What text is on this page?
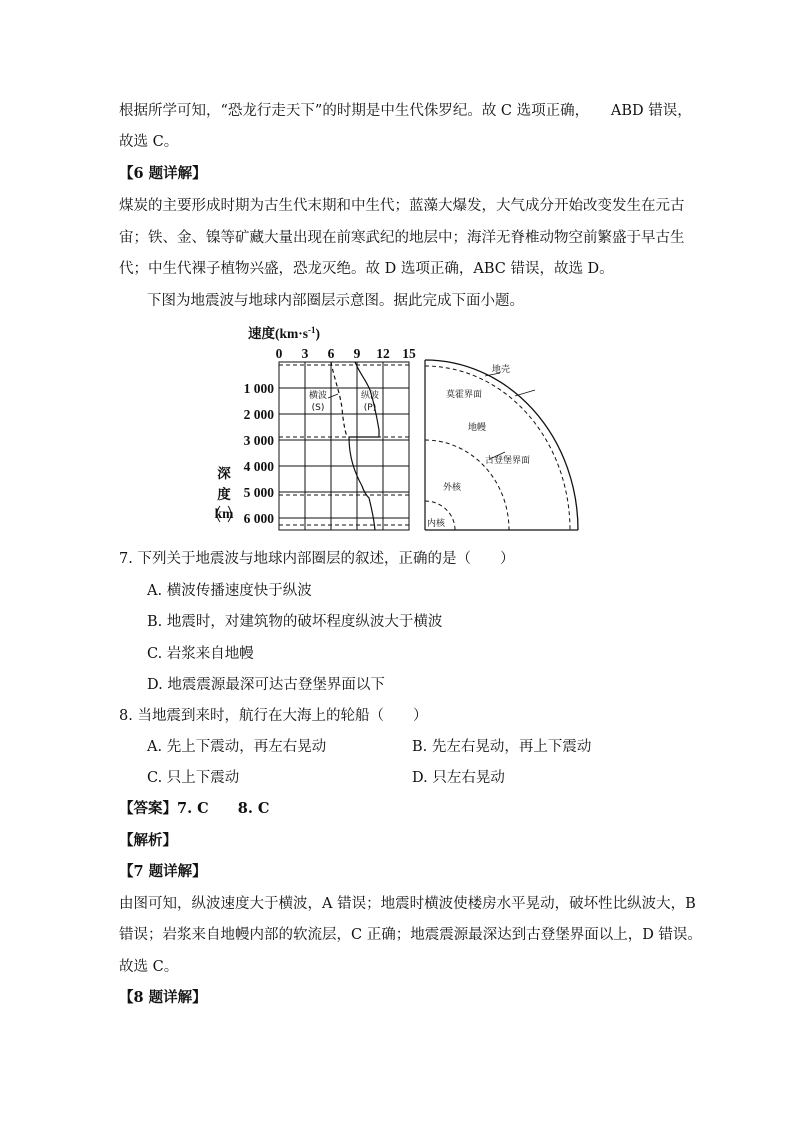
根据所学可知，“恐龙行走天下”的时期是中生代侏罗纪。故 C 选项正确，　　ABD 错误，
故选 C。
【6 题详解】
煤炭的主要形成时期为古生代末期和中生代；蓝藻大爆发，大气成分开始改变发生在元古
宙；铁、金、镍等矿藏大量出现在前寒武纪的地层中；海洋无脊椎动物空前繁盛于早古生
代；中生代裸子植物兴盛，恐龙灭绝。故 D 选项正确，ABC 错误，故选 D。
下图为地震波与地球内部圈层示意图。据此完成下面小题。
速度$(km\cdot s^{-1})$
0 3 6 9 12 15
1 000
2 000
3 000
4 000
5 000
6 000
深
度
km
横波
(S)
纵波
(P)
地壳
莫霍界面
地幔
古登堡界面
外核
内核
7. 下列关于地震波与地球内部圈层的叙述，正确的是（　　）
A. 横波传播速度快于纵波
B. 地震时，对建筑物的破坏程度纵波大于横波
C. 岩浆来自地幔
D. 地震震源最深可达古登堡界面以下
8. 当地震到来时，航行在大海上的轮船（　　）
A. 先上下震动，再左右晃动	B. 先左右晃动，再上下震动
C. 只上下震动	D. 只左右晃动
【答案】7. C　　8. C
【解析】
【7 题详解】
由图可知，纵波速度大于横波，A 错误；地震时横波使楼房水平晃动，破坏性比纵波大，B
错误；岩浆来自地幔内部的软流层，C 正确；地震震源最深达到古登堡界面以上，D 错误。
故选 C。
【8 题详解】
